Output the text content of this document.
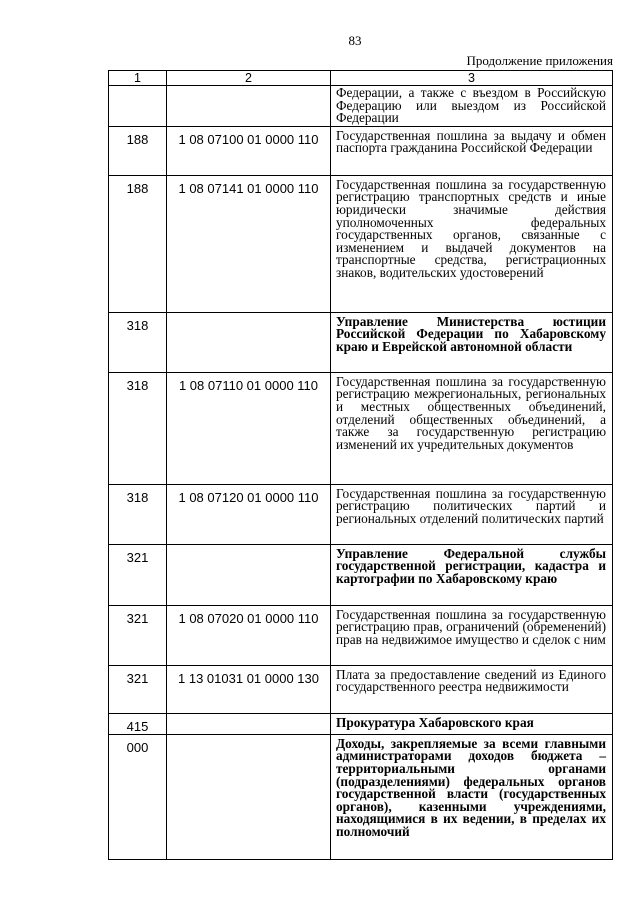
83
Продолжение приложения
1	2	3
		Федерации, а также с въездом в Российскую Федерацию или выездом из Российской Федерации
188	1 08 07100 01 0000 110	Государственная пошлина за выдачу и обмен паспорта гражданина Российской Федерации
188	1 08 07141 01 0000 110	Государственная пошлина за государственную регистрацию транспортных средств и иные юридически значимые действия уполномоченных федеральных государственных органов, связанные с изменением и выдачей документов на транспортные средства, регистрационных знаков, водительских удостоверений
318		Управление Министерства юстиции Российской Федерации по Хабаровскому краю и Еврейской автономной области
318	1 08 07110 01 0000 110	Государственная пошлина за государственную регистрацию межрегиональных, региональных и местных общественных объединений, отделений общественных объединений, а также за государственную регистрацию изменений их учредительных документов
318	1 08 07120 01 0000 110	Государственная пошлина за государственную регистрацию политических партий и региональных отделений политических партий
321		Управление Федеральной службы государственной регистрации, кадастра и картографии по Хабаровскому краю
321	1 08 07020 01 0000 110	Государственная пошлина за государственную регистрацию прав, ограничений (обременений) прав на недвижимое имущество и сделок с ним
321	1 13 01031 01 0000 130	Плата за предоставление сведений из Единого государственного реестра недвижимости
415		Прокуратура Хабаровского края
000		Доходы, закрепляемые за всеми главными администраторами доходов бюджета – территориальными органами (подразделениями) федеральных органов государственной власти (государственных органов), казенными учреждениями, находящимися в их ведении, в пределах их полномочий
